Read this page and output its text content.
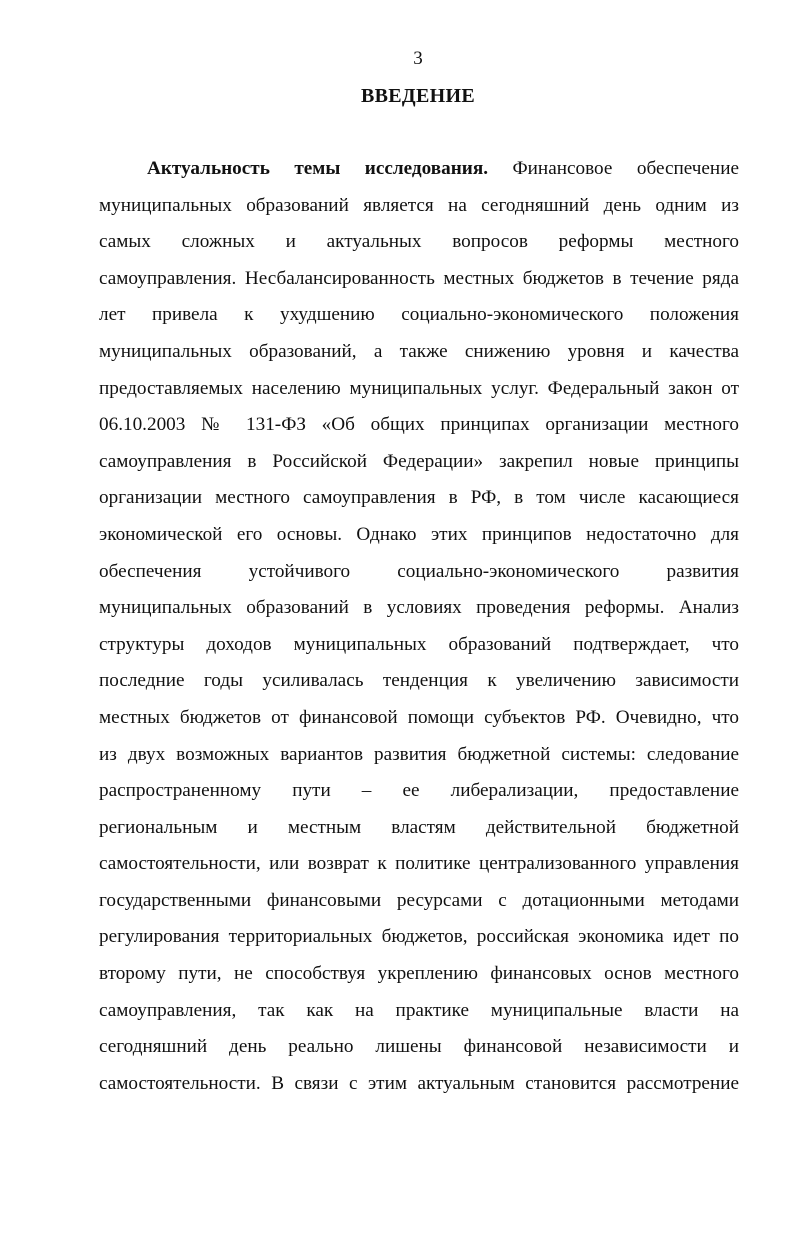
3
ВВЕДЕНИЕ
Актуальность темы исследования. Финансовое обеспечение
муниципальных образований является на сегодняшний день одним из
самых сложных и актуальных вопросов реформы местного
самоуправления. Несбалансированность местных бюджетов в течение ряда
лет привела к ухудшению социально-экономического положения
муниципальных образований, а также снижению уровня и качества
предоставляемых населению муниципальных услуг. Федеральный закон от
06.10.2003 № 131-ФЗ «Об общих принципах организации местного
самоуправления в Российской Федерации» закрепил новые принципы
организации местного самоуправления в РФ, в том числе касающиеся
экономической его основы. Однако этих принципов недостаточно для
обеспечения устойчивого социально-экономического развития
муниципальных образований в условиях проведения реформы. Анализ
структуры доходов муниципальных образований подтверждает, что
последние годы усиливалась тенденция к увеличению зависимости
местных бюджетов от финансовой помощи субъектов РФ. Очевидно, что
из двух возможных вариантов развития бюджетной системы: следование
распространенному пути – ее либерализации, предоставление
региональным и местным властям действительной бюджетной
самостоятельности, или возврат к политике централизованного управления
государственными финансовыми ресурсами с дотационными методами
регулирования территориальных бюджетов, российская экономика идет по
второму пути, не способствуя укреплению финансовых основ местного
самоуправления, так как на практике муниципальные власти на
сегодняшний день реально лишены финансовой независимости и
самостоятельности. В связи с этим актуальным становится рассмотрение
